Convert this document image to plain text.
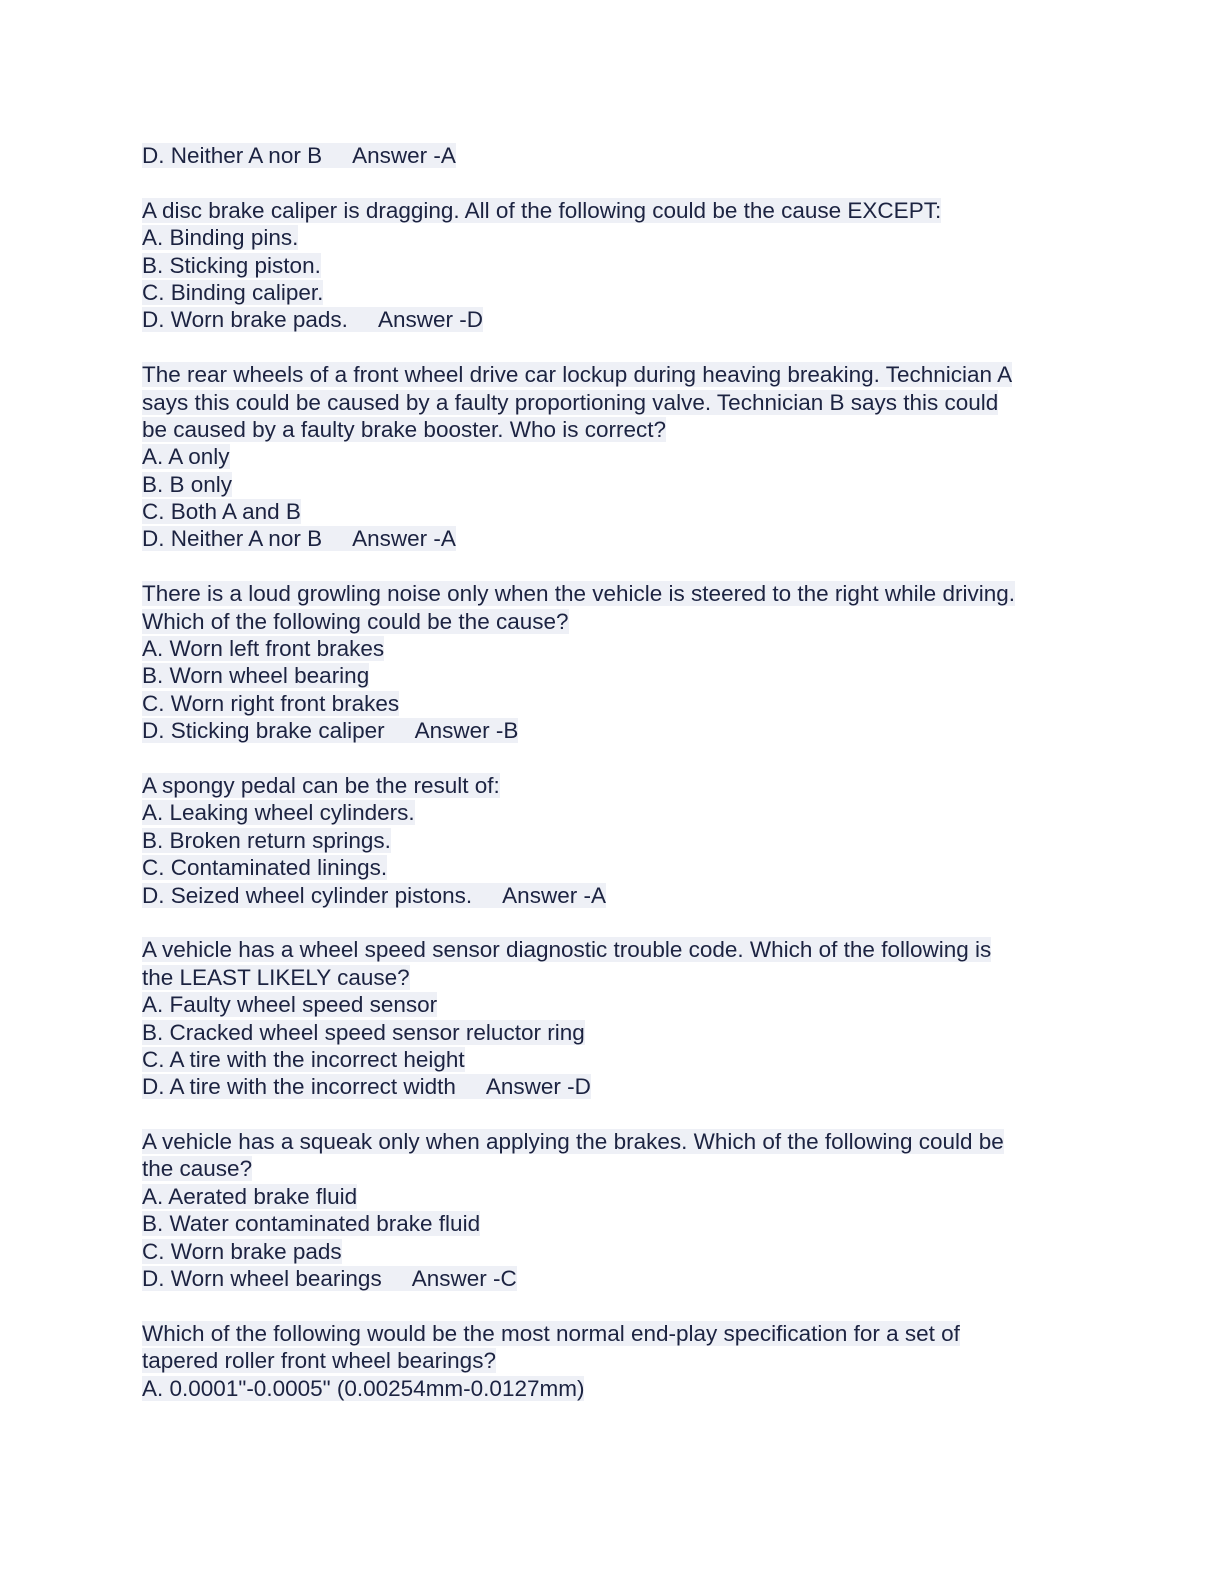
D. Neither A nor B Answer -A
A disc brake caliper is dragging. All of the following could be the cause EXCEPT:
A. Binding pins.
B. Sticking piston.
C. Binding caliper.
D. Worn brake pads. Answer -D
The rear wheels of a front wheel drive car lockup during heaving breaking. Technician A
says this could be caused by a faulty proportioning valve. Technician B says this could
be caused by a faulty brake booster. Who is correct?
A. A only
B. B only
C. Both A and B
D. Neither A nor B Answer -A
There is a loud growling noise only when the vehicle is steered to the right while driving.
Which of the following could be the cause?
A. Worn left front brakes
B. Worn wheel bearing
C. Worn right front brakes
D. Sticking brake caliper Answer -B
A spongy pedal can be the result of:
A. Leaking wheel cylinders.
B. Broken return springs.
C. Contaminated linings.
D. Seized wheel cylinder pistons. Answer -A
A vehicle has a wheel speed sensor diagnostic trouble code. Which of the following is
the LEAST LIKELY cause?
A. Faulty wheel speed sensor
B. Cracked wheel speed sensor reluctor ring
C. A tire with the incorrect height
D. A tire with the incorrect width Answer -D
A vehicle has a squeak only when applying the brakes. Which of the following could be
the cause?
A. Aerated brake fluid
B. Water contaminated brake fluid
C. Worn brake pads
D. Worn wheel bearings Answer -C
Which of the following would be the most normal end-play specification for a set of
tapered roller front wheel bearings?
A. 0.0001"-0.0005" (0.00254mm-0.0127mm)
